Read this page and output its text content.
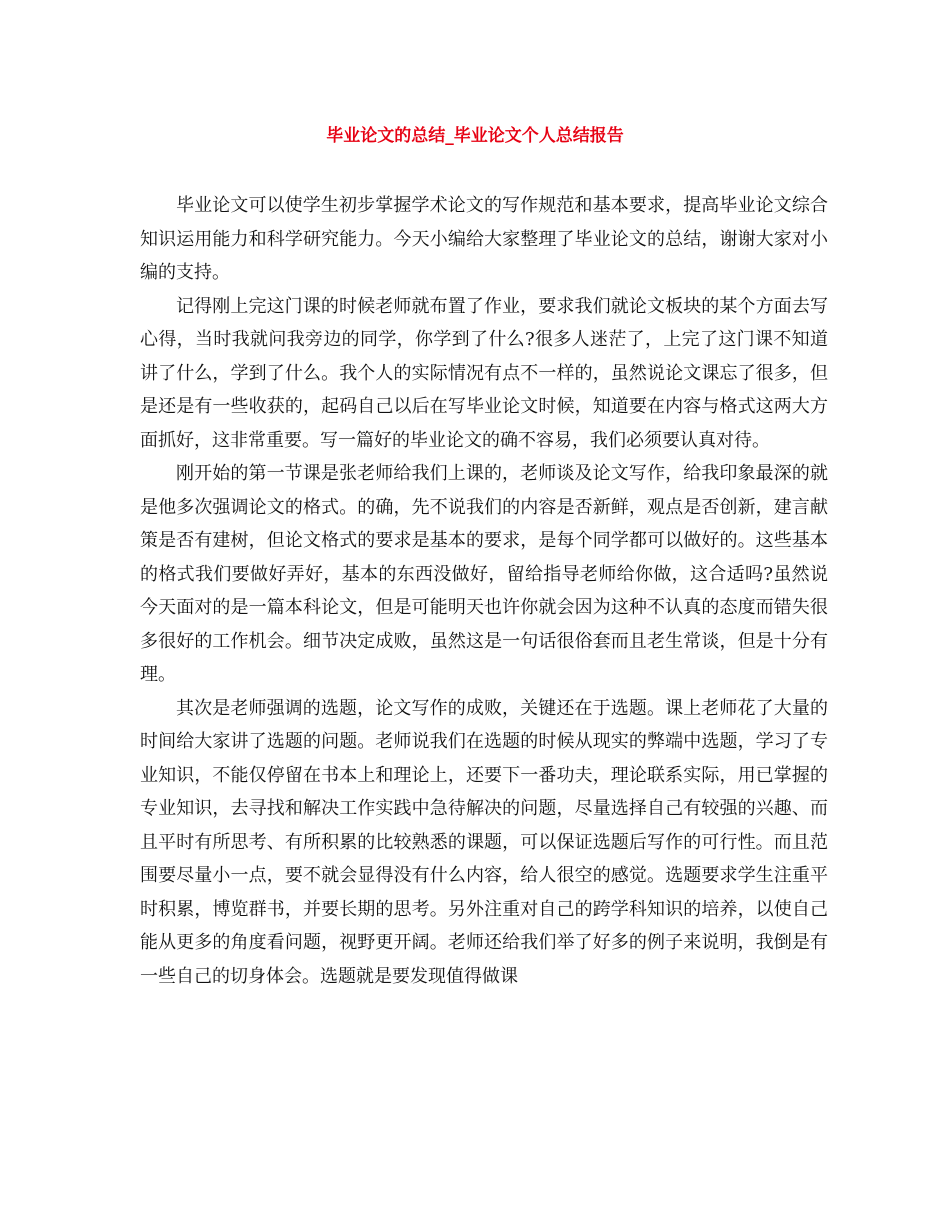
毕业论文的总结_毕业论文个人总结报告

毕业论文可以使学生初步掌握学术论文的写作规范和基本要求，提高毕业论文综合知识运用能力和科学研究能力。今天小编给大家整理了毕业论文的总结，谢谢大家对小编的支持。

记得刚上完这门课的时候老师就布置了作业，要求我们就论文板块的某个方面去写心得，当时我就问我旁边的同学，你学到了什么?很多人迷茫了，上完了这门课不知道讲了什么，学到了什么。我个人的实际情况有点不一样的，虽然说论文课忘了很多，但是还是有一些收获的，起码自己以后在写毕业论文时候，知道要在内容与格式这两大方面抓好，这非常重要。写一篇好的毕业论文的确不容易，我们必须要认真对待。

刚开始的第一节课是张老师给我们上课的，老师谈及论文写作，给我印象最深的就是他多次强调论文的格式。的确，先不说我们的内容是否新鲜，观点是否创新，建言献策是否有建树，但论文格式的要求是基本的要求，是每个同学都可以做好的。这些基本的格式我们要做好弄好，基本的东西没做好，留给指导老师给你做，这合适吗?虽然说今天面对的是一篇本科论文，但是可能明天也许你就会因为这种不认真的态度而错失很多很好的工作机会。细节决定成败，虽然这是一句话很俗套而且老生常谈，但是十分有理。

其次是老师强调的选题，论文写作的成败，关键还在于选题。课上老师花了大量的时间给大家讲了选题的问题。老师说我们在选题的时候从现实的弊端中选题，学习了专业知识，不能仅停留在书本上和理论上，还要下一番功夫，理论联系实际，用已掌握的专业知识，去寻找和解决工作实践中急待解决的问题，尽量选择自己有较强的兴趣、而且平时有所思考、有所积累的比较熟悉的课题，可以保证选题后写作的可行性。而且范围要尽量小一点，要不就会显得没有什么内容，给人很空的感觉。选题要求学生注重平时积累，博览群书，并要长期的思考。另外注重对自己的跨学科知识的培养，以使自己能从更多的角度看问题，视野更开阔。老师还给我们举了好多的例子来说明，我倒是有一些自己的切身体会。选题就是要发现值得做课
